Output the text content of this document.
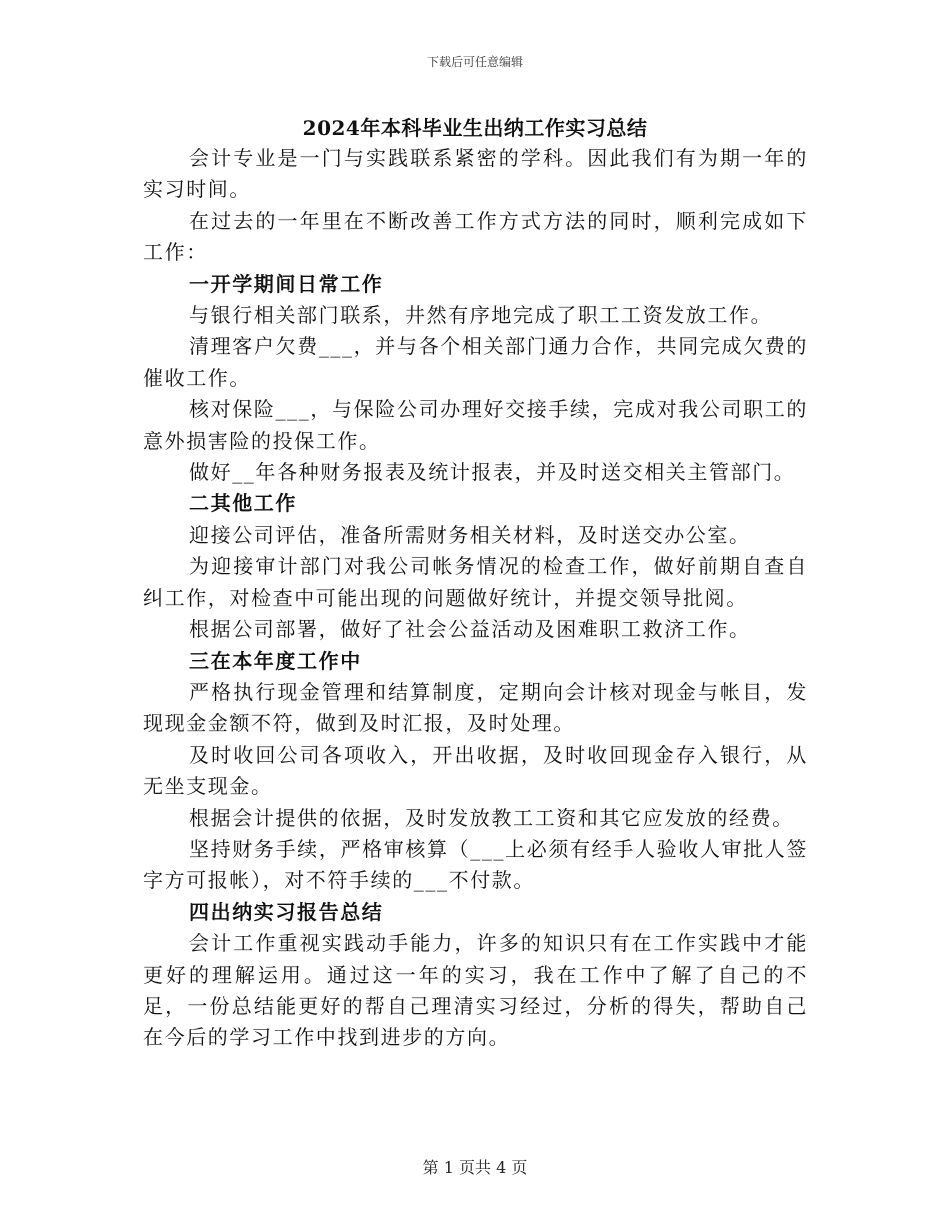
下载后可任意编辑
2024年本科毕业生出纳工作实习总结

会计专业是一门与实践联系紧密的学科。因此我们有为期一年的实习时间。

在过去的一年里在不断改善工作方式方法的同时，顺利完成如下工作：

一开学期间日常工作

与银行相关部门联系，井然有序地完成了职工工资发放工作。

清理客户欠费___，并与各个相关部门通力合作，共同完成欠费的催收工作。

核对保险___，与保险公司办理好交接手续，完成对我公司职工的意外损害险的投保工作。

做好__年各种财务报表及统计报表，并及时送交相关主管部门。

二其他工作

迎接公司评估，准备所需财务相关材料，及时送交办公室。

为迎接审计部门对我公司帐务情况的检查工作，做好前期自查自纠工作，对检查中可能出现的问题做好统计，并提交领导批阅。

根据公司部署，做好了社会公益活动及困难职工救济工作。

三在本年度工作中

严格执行现金管理和结算制度，定期向会计核对现金与帐目，发现现金金额不符，做到及时汇报，及时处理。

及时收回公司各项收入，开出收据，及时收回现金存入银行，从无坐支现金。

根据会计提供的依据，及时发放教工工资和其它应发放的经费。

坚持财务手续，严格审核算（___上必须有经手人验收人审批人签字方可报帐），对不符手续的___不付款。

四出纳实习报告总结

会计工作重视实践动手能力，许多的知识只有在工作实践中才能更好的理解运用。通过这一年的实习，我在工作中了解了自己的不足，一份总结能更好的帮自己理清实习经过，分析的得失，帮助自己在今后的学习工作中找到进步的方向。

第 1 页共 4 页
